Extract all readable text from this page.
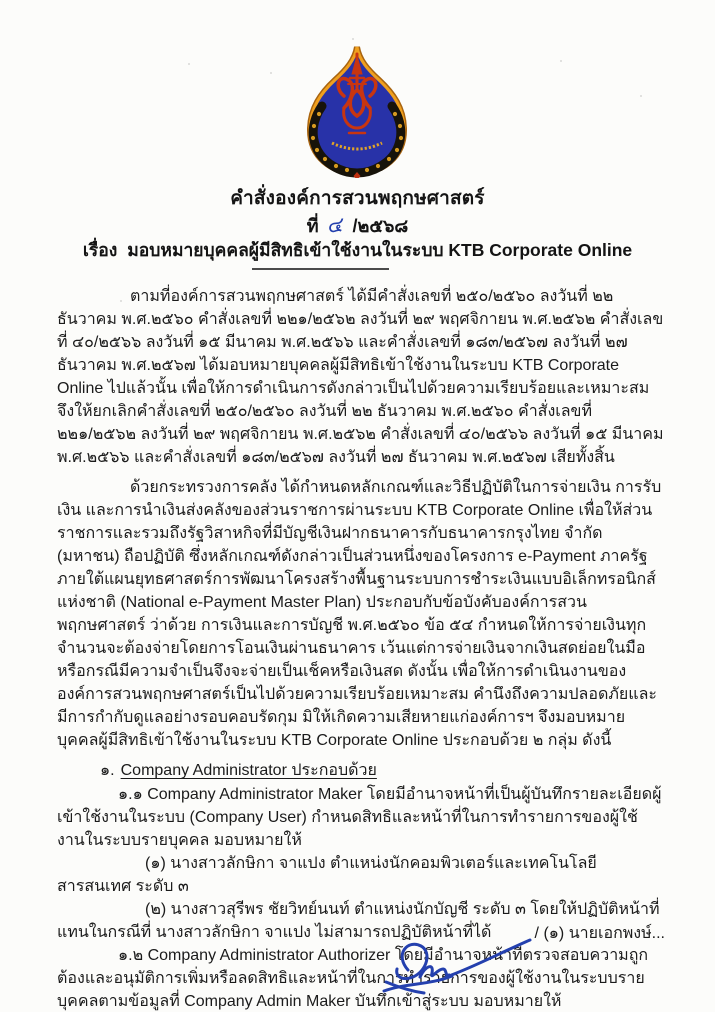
คำสั่งองค์การสวนพฤกษศาสตร์
ที่ ๔ /๒๕๖๘
เรื่อง มอบหมายบุคคลผู้มีสิทธิเข้าใช้งานในระบบ KTB Corporate Online

ตามที่องค์การสวนพฤกษศาสตร์ ได้มีคำสั่งเลขที่ ๒๕๐/๒๕๖๐ ลงวันที่ ๒๒ ธันวาคม พ.ศ.๒๕๖๐ คำสั่งเลขที่ ๒๒๑/๒๕๖๒ ลงวันที่ ๒๙ พฤศจิกายน พ.ศ.๒๕๖๒ คำสั่งเลขที่ ๔๐/๒๕๖๖ ลงวันที่ ๑๕ มีนาคม พ.ศ.๒๕๖๖ และคำสั่งเลขที่ ๑๘๓/๒๕๖๗ ลงวันที่ ๒๗ ธันวาคม พ.ศ.๒๕๖๗ ได้มอบหมายบุคคลผู้มีสิทธิเข้าใช้งานในระบบ KTB Corporate Online ไปแล้วนั้น เพื่อให้การดำเนินการดังกล่าวเป็นไปด้วยความเรียบร้อยและเหมาะสม จึงให้ยกเลิกคำสั่งเลขที่ ๒๕๐/๒๕๖๐ ลงวันที่ ๒๒ ธันวาคม พ.ศ.๒๕๖๐ คำสั่งเลขที่ ๒๒๑/๒๕๖๒ ลงวันที่ ๒๙ พฤศจิกายน พ.ศ.๒๕๖๒ คำสั่งเลขที่ ๔๐/๒๕๖๖ ลงวันที่ ๑๕ มีนาคม พ.ศ.๒๕๖๖ และคำสั่งเลขที่ ๑๘๓/๒๕๖๗ ลงวันที่ ๒๗ ธันวาคม พ.ศ.๒๕๖๗ เสียทั้งสิ้น

ด้วยกระทรวงการคลัง ได้กำหนดหลักเกณฑ์และวิธีปฏิบัติในการจ่ายเงิน การรับเงิน และการนำเงินส่งคลังของส่วนราชการผ่านระบบ KTB Corporate Online เพื่อให้ส่วนราชการและรวมถึงรัฐวิสาหกิจที่มีบัญชีเงินฝากธนาคารกับธนาคารกรุงไทย จำกัด (มหาชน) ถือปฏิบัติ ซึ่งหลักเกณฑ์ดังกล่าวเป็นส่วนหนึ่งของโครงการ e-Payment ภาครัฐ ภายใต้แผนยุทธศาสตร์การพัฒนาโครงสร้างพื้นฐานระบบการชำระเงินแบบอิเล็กทรอนิกส์แห่งชาติ (National e-Payment Master Plan) ประกอบกับข้อบังคับองค์การสวนพฤกษศาสตร์ ว่าด้วย การเงินและการบัญชี พ.ศ.๒๕๖๐ ข้อ ๕๔ กำหนดให้การจ่ายเงินทุกจำนวนจะต้องจ่ายโดยการโอนเงินผ่านธนาคาร เว้นแต่การจ่ายเงินจากเงินสดย่อยในมือ หรือกรณีมีความจำเป็นจึงจะจ่ายเป็นเช็คหรือเงินสด ดังนั้น เพื่อให้การดำเนินงานขององค์การสวนพฤกษศาสตร์เป็นไปด้วยความเรียบร้อยเหมาะสม คำนึงถึงความปลอดภัยและมีการกำกับดูแลอย่างรอบคอบรัดกุม มิให้เกิดความเสียหายแก่องค์การฯ จึงมอบหมายบุคคลผู้มีสิทธิเข้าใช้งานในระบบ KTB Corporate Online ประกอบด้วย ๒ กลุ่ม ดังนี้

๑. Company Administrator ประกอบด้วย

๑.๑ Company Administrator Maker โดยมีอำนาจหน้าที่เป็นผู้บันทึกรายละเอียดผู้เข้าใช้งานในระบบ (Company User) กำหนดสิทธิและหน้าที่ในการทำรายการของผู้ใช้งานในระบบรายบุคคล มอบหมายให้

(๑) นางสาวลักษิกา จาแปง ตำแหน่งนักคอมพิวเตอร์และเทคโนโลยีสารสนเทศ ระดับ ๓

(๒) นางสาวสุรีพร ชัยวิทย์นนท์ ตำแหน่งนักบัญชี ระดับ ๓ โดยให้ปฏิบัติหน้าที่แทนในกรณีที่ นางสาวลักษิกา จาแปง ไม่สามารถปฏิบัติหน้าที่ได้

๑.๒ Company Administrator Authorizer โดยมีอำนาจหน้าที่ตรวจสอบความถูกต้องและอนุมัติการเพิ่มหรือลดสิทธิและหน้าที่ในการทำรายการของผู้ใช้งานในระบบรายบุคคลตามข้อมูลที่ Company Admin Maker บันทึกเข้าสู่ระบบ มอบหมายให้

/ (๑) นายเอกพงษ์...
